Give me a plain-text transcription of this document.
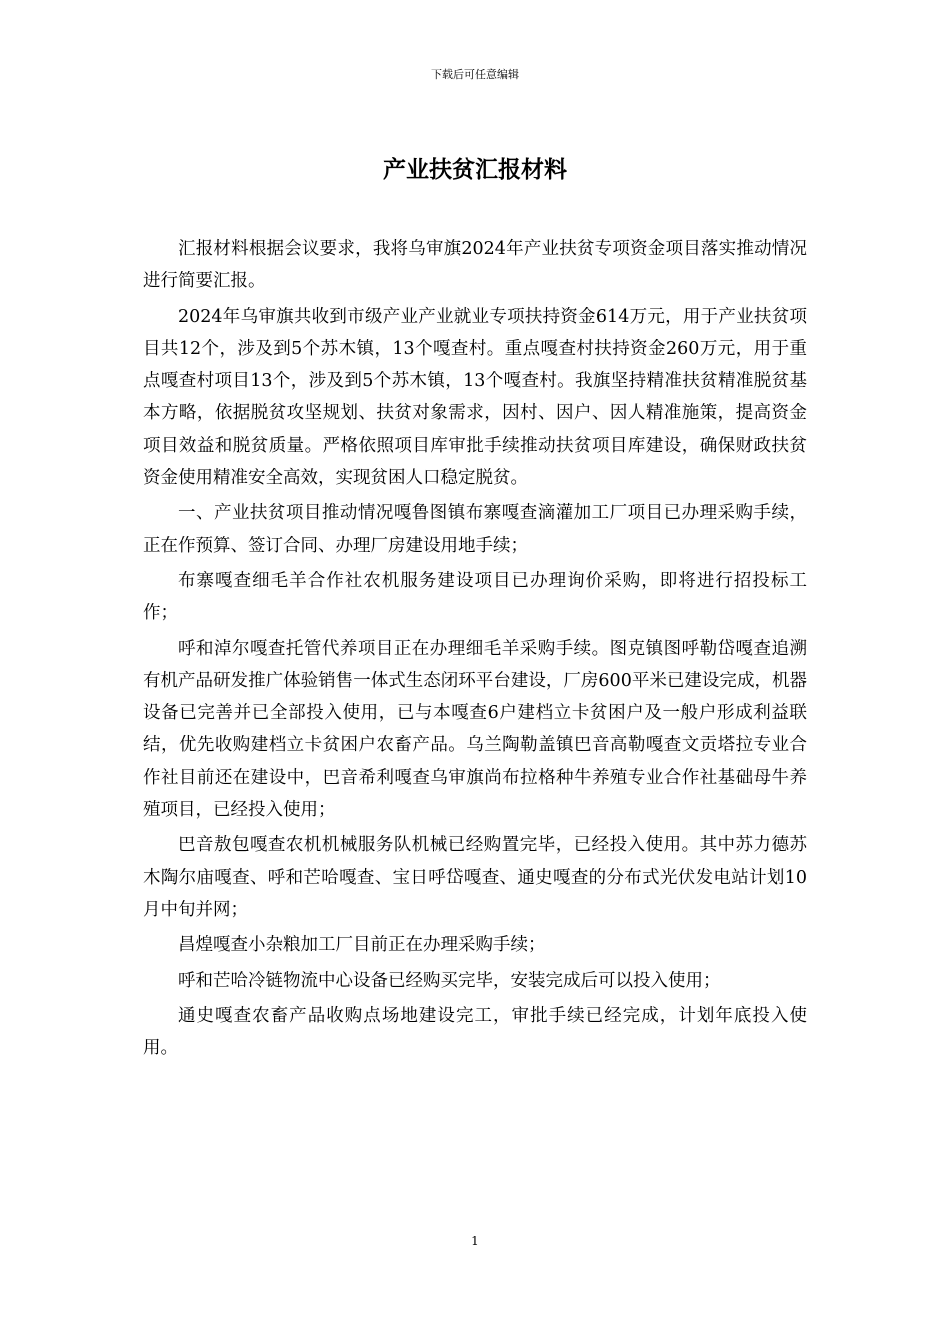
下载后可任意编辑
产业扶贫汇报材料

汇报材料根据会议要求，我将乌审旗2024年产业扶贫专项资金项目落实推动情况进行简要汇报。

2024年乌审旗共收到市级产业产业就业专项扶持资金614万元，用于产业扶贫项目共12个，涉及到5个苏木镇，13个嘎查村。重点嘎查村扶持资金260万元，用于重点嘎查村项目13个，涉及到5个苏木镇，13个嘎查村。我旗坚持精准扶贫精准脱贫基本方略，依据脱贫攻坚规划、扶贫对象需求，因村、因户、因人精准施策，提高资金项目效益和脱贫质量。严格依照项目库审批手续推动扶贫项目库建设，确保财政扶贫资金使用精准安全高效，实现贫困人口稳定脱贫。

一、产业扶贫项目推动情况嘎鲁图镇布寨嘎查滴灌加工厂项目已办理采购手续，正在作预算、签订合同、办理厂房建设用地手续；

布寨嘎查细毛羊合作社农机服务建设项目已办理询价采购，即将进行招投标工作；

呼和淖尔嘎查托管代养项目正在办理细毛羊采购手续。图克镇图呼勒岱嘎查追溯有机产品研发推广体验销售一体式生态闭环平台建设，厂房600平米已建设完成，机器设备已完善并已全部投入使用，已与本嘎查6户建档立卡贫困户及一般户形成利益联结，优先收购建档立卡贫困户农畜产品。乌兰陶勒盖镇巴音高勒嘎查文贡塔拉专业合作社目前还在建设中，巴音希利嘎查乌审旗尚布拉格种牛养殖专业合作社基础母牛养殖项目，已经投入使用；

巴音敖包嘎查农机机械服务队机械已经购置完毕，已经投入使用。其中苏力德苏木陶尔庙嘎查、呼和芒哈嘎查、宝日呼岱嘎查、通史嘎查的分布式光伏发电站计划10月中旬并网；

昌煌嘎查小杂粮加工厂目前正在办理采购手续；

呼和芒哈冷链物流中心设备已经购买完毕，安装完成后可以投入使用；

通史嘎查农畜产品收购点场地建设完工，审批手续已经完成，计划年底投入使用。

1
